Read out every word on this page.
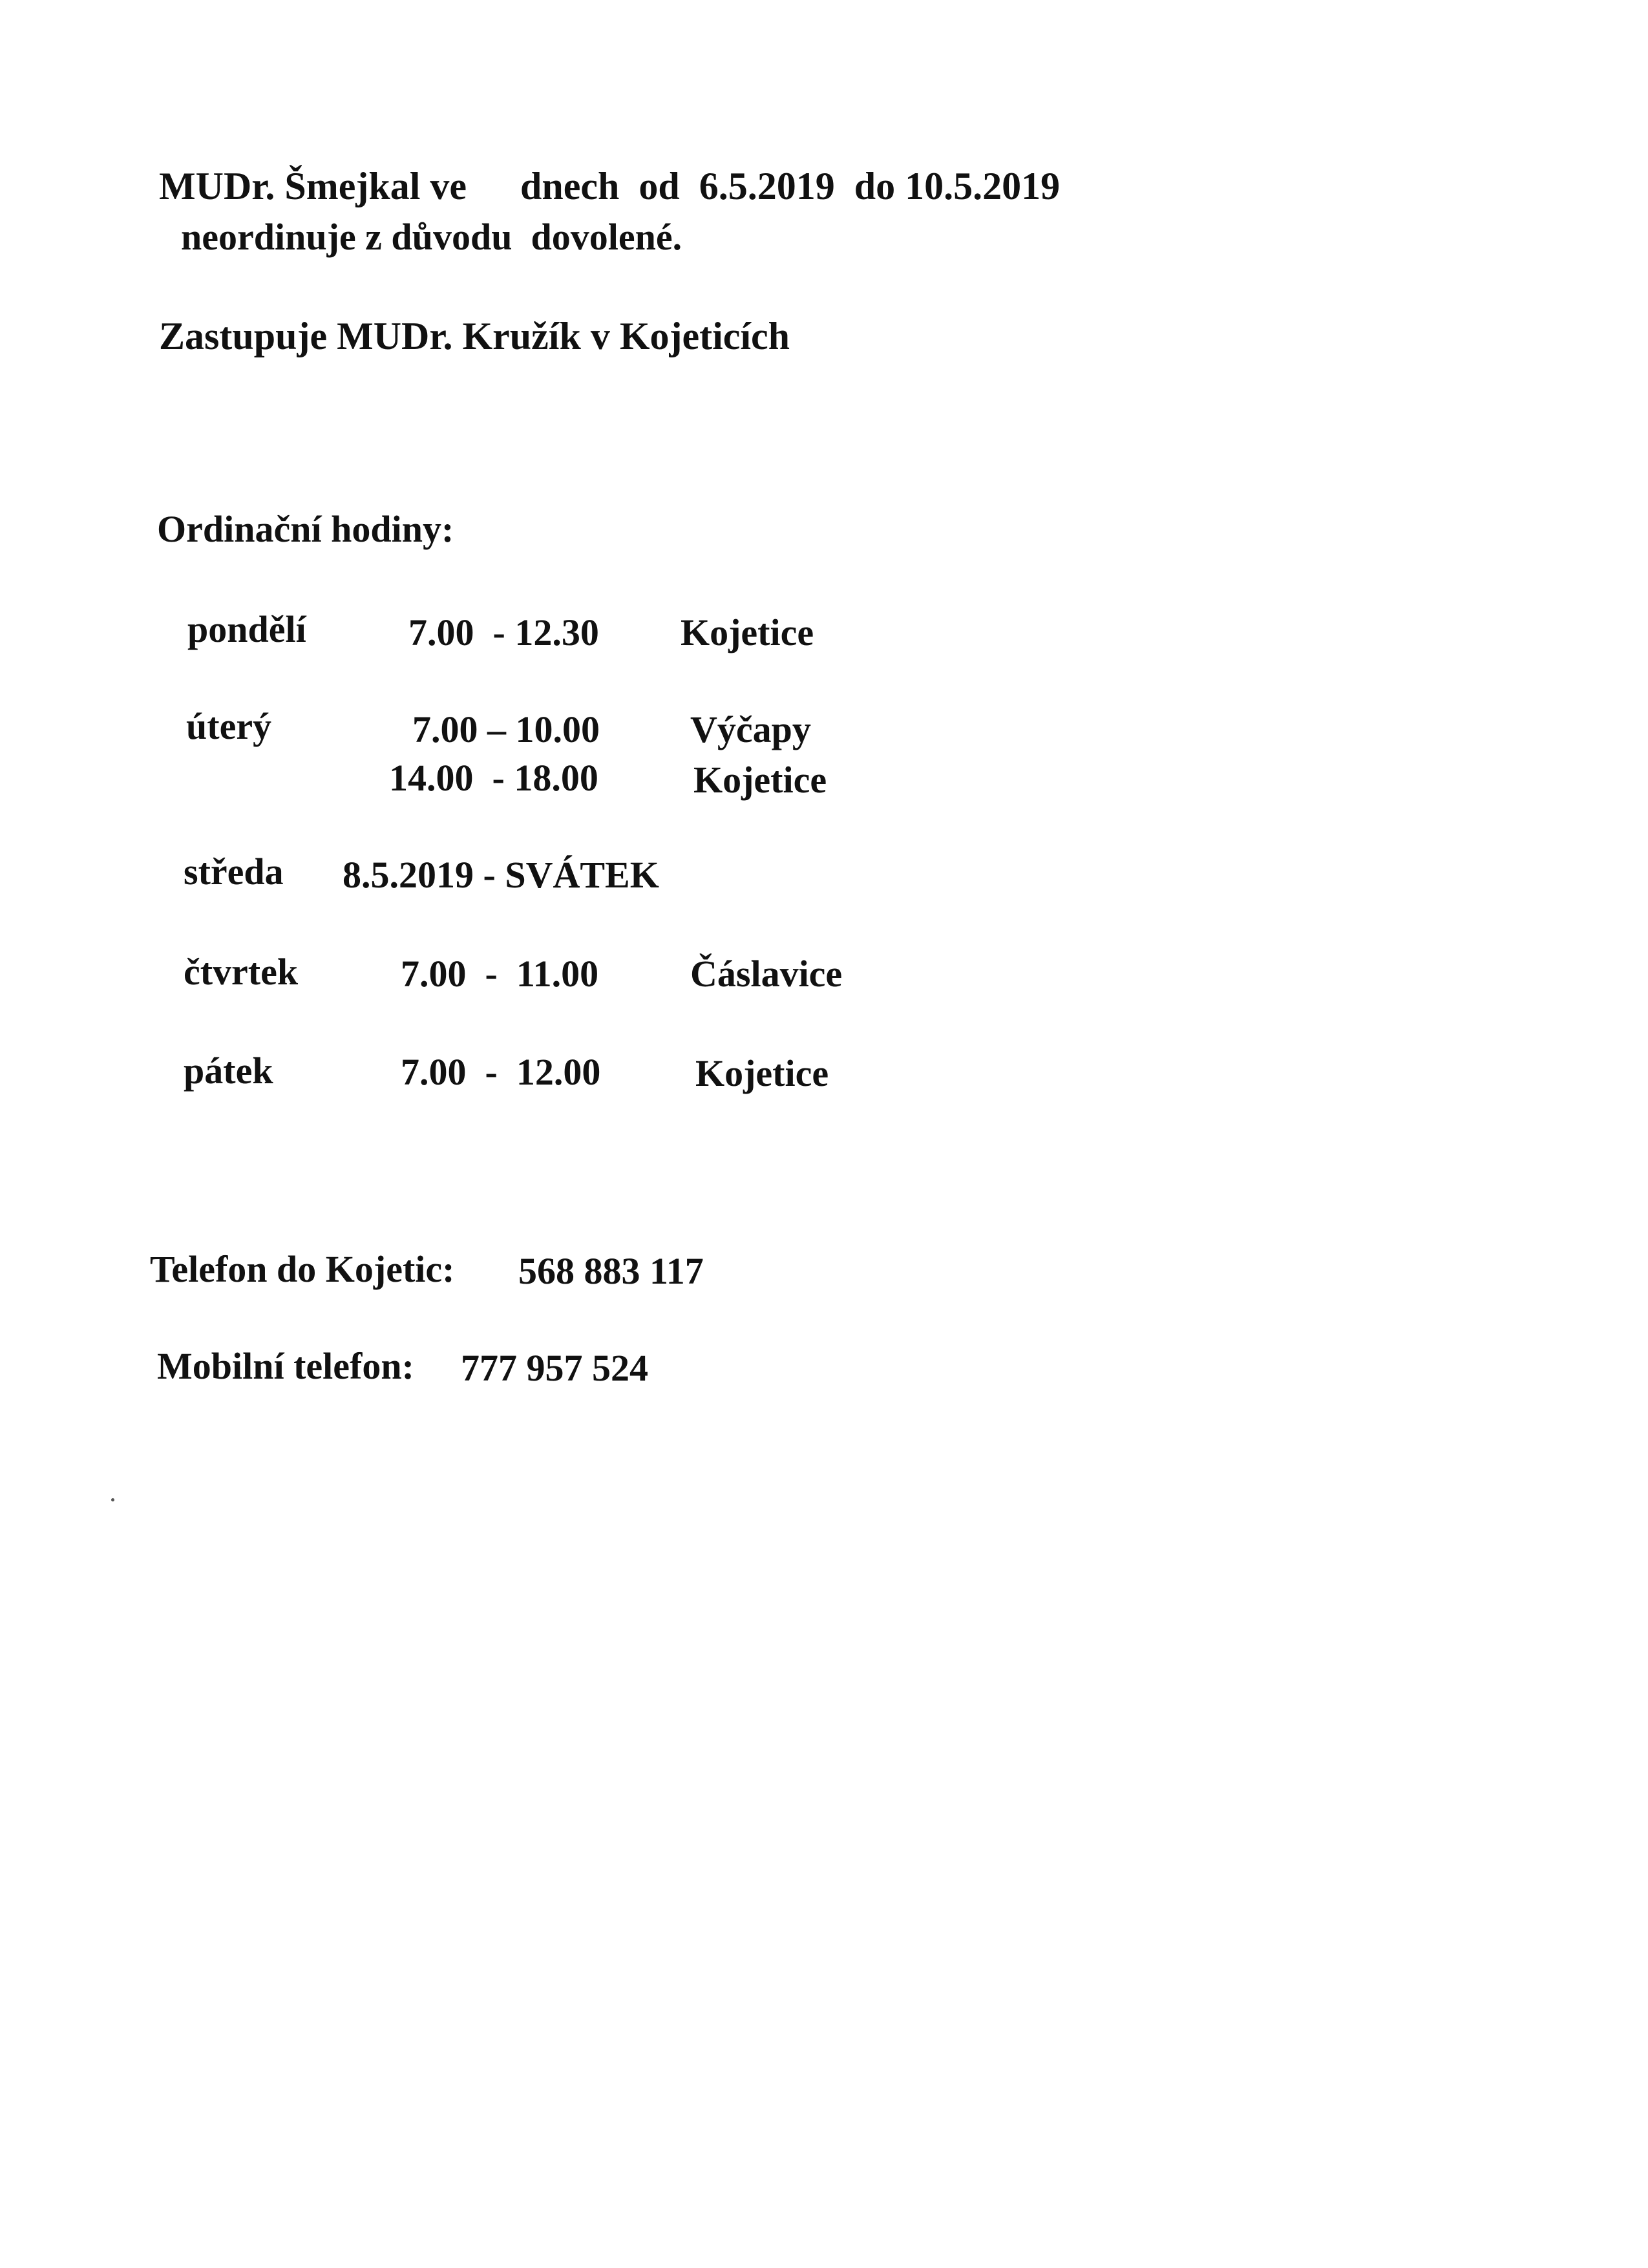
MUDr. Šmejkal ve dnech  od  6.5.2019  do 10.5.2019
neordinuje z důvodu  dovolené.
Zastupuje MUDr. Kružík v Kojeticích
Ordinační hodiny:
pondělí	7.00  - 12.30 Kojetice
úterý	7.00 – 10.00 Výčapy
14.00  - 18.00	Kojetice
středa 8.5.2019 - SVÁTEK
čtvrtek	7.00  -  11.00 Čáslavice
pátek	7.00  -  12.00	Kojetice
Telefon do Kojetic: 568 883 117
Mobilní telefon: 777 957 524
